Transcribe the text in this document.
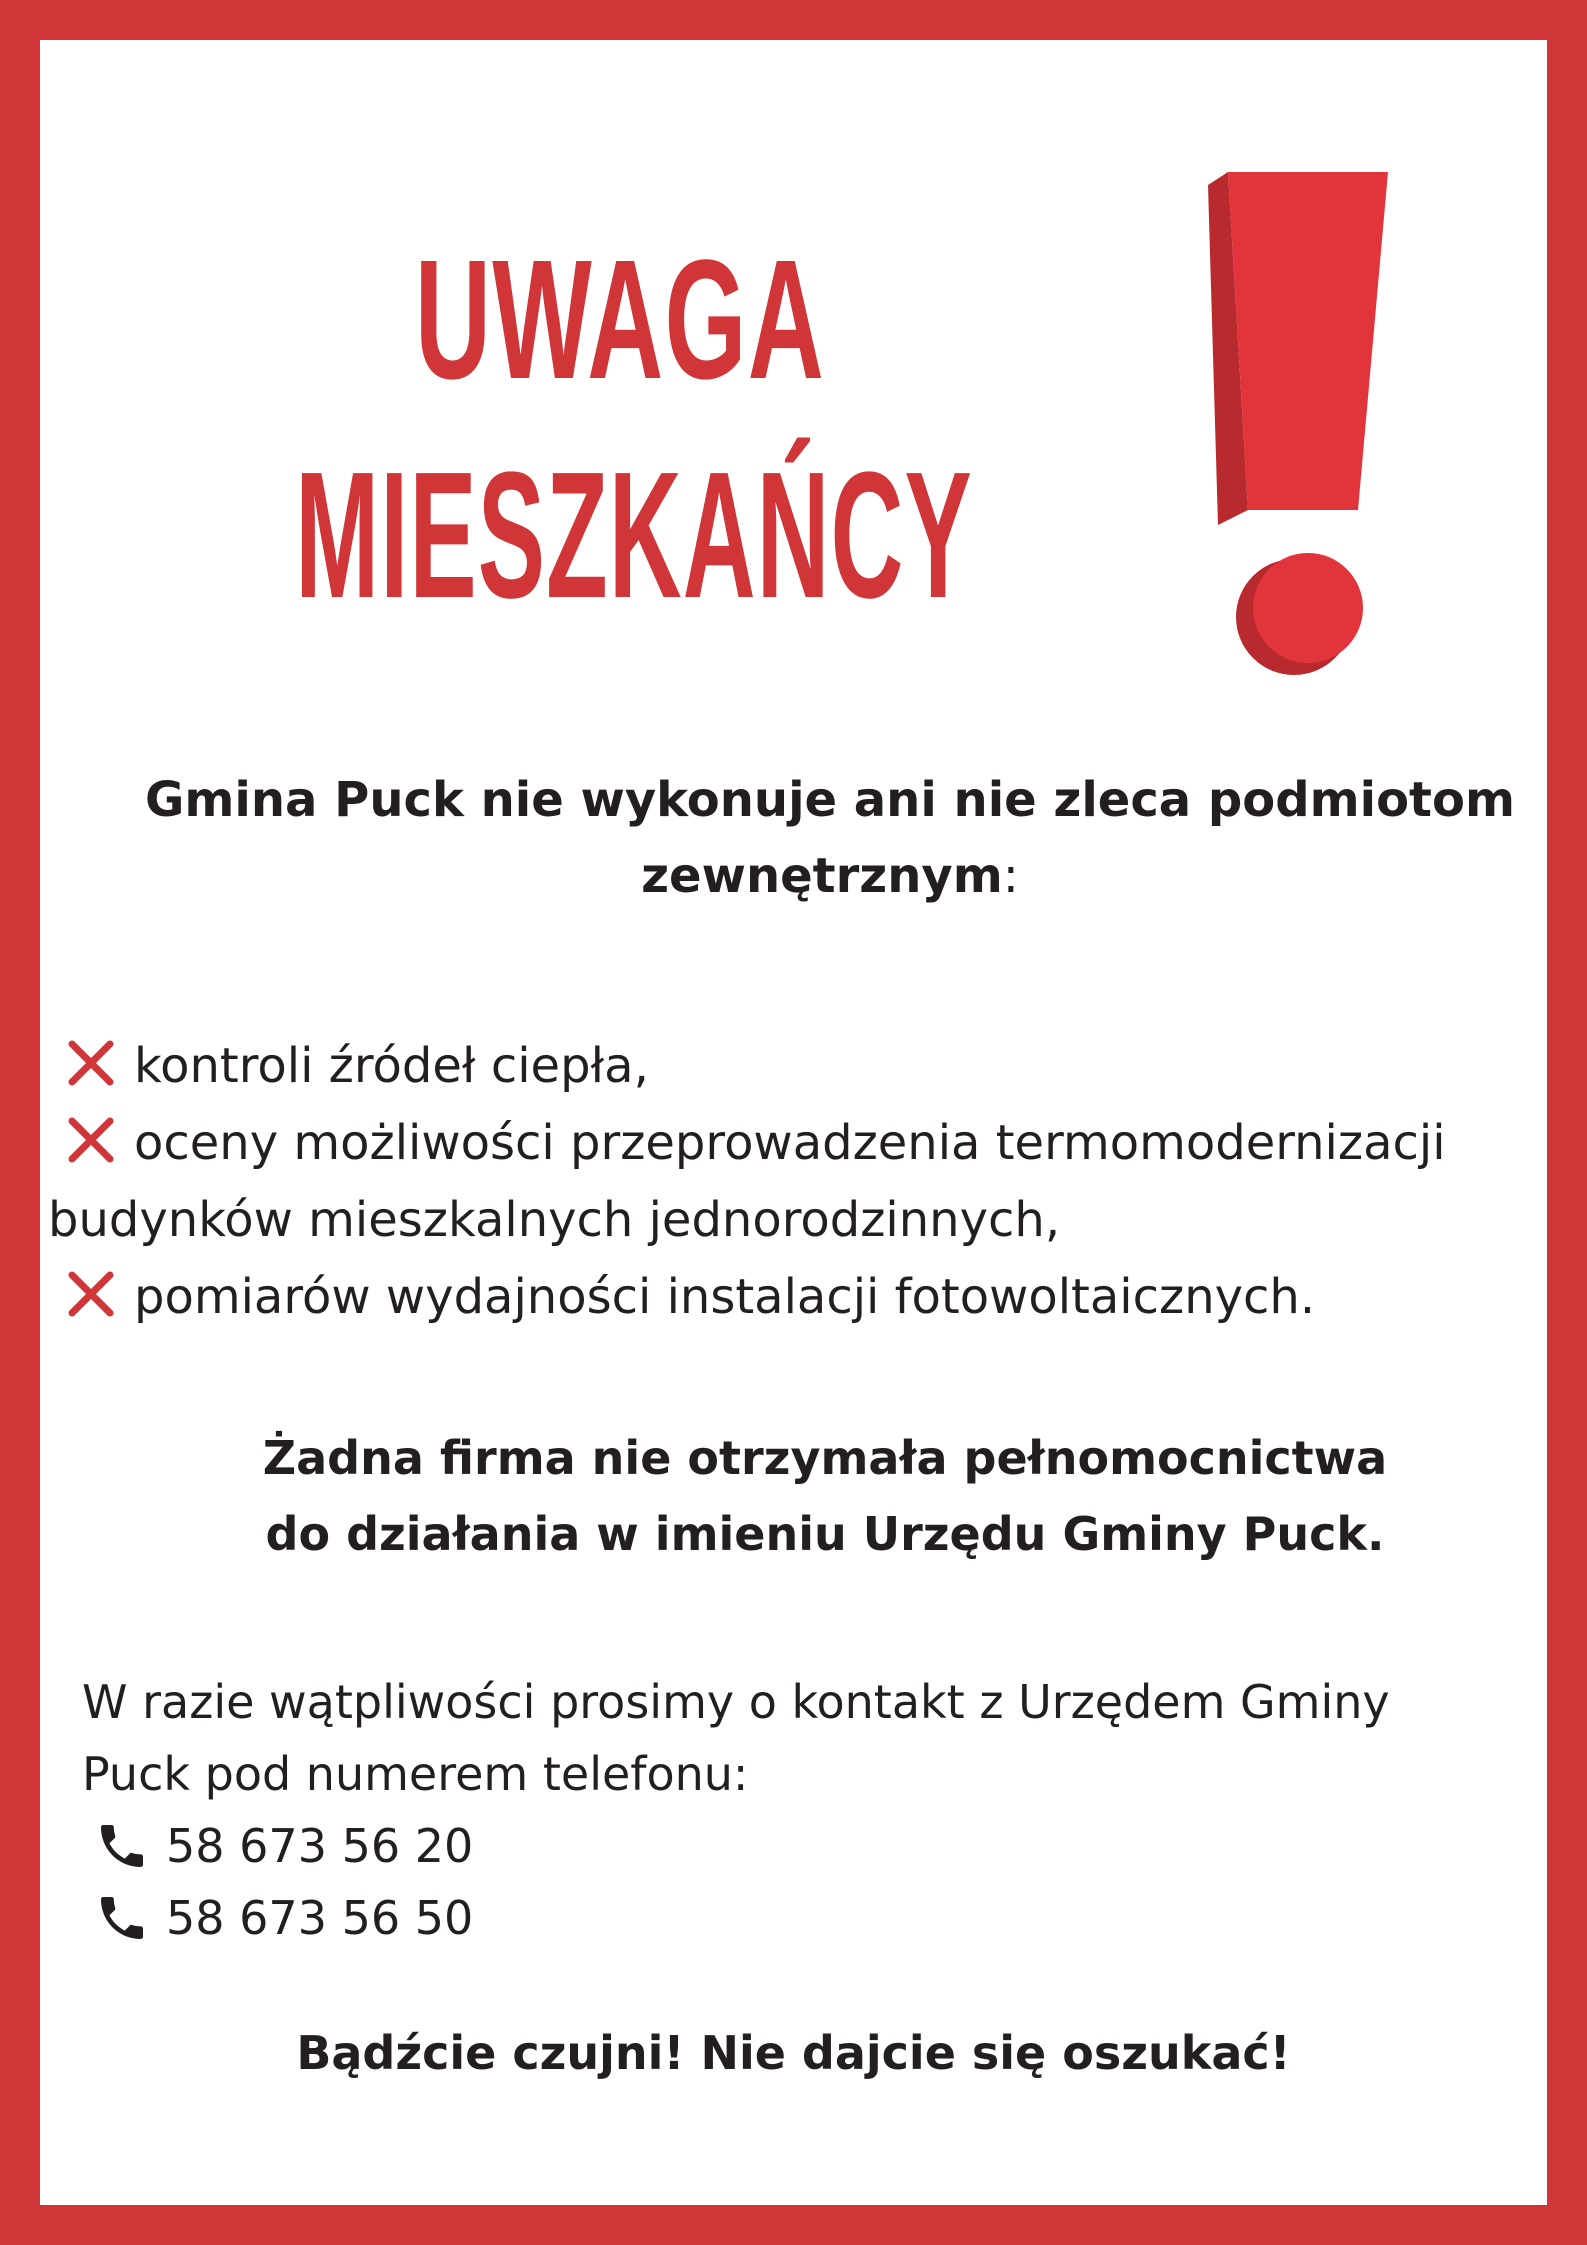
UWAGA
MIESZKAŃCY
Gmina Puck nie wykonuje ani nie zleca podmiotom zewnętrznym:
kontroli źródeł ciepła,
oceny możliwości przeprowadzenia termomodernizacji budynków mieszkalnych jednorodzinnych,
pomiarów wydajności instalacji fotowoltaicznych.
Żadna firma nie otrzymała pełnomocnictwa
do działania w imieniu Urzędu Gminy Puck.
W razie wątpliwości prosimy o kontakt z Urzędem Gminy Puck pod numerem telefonu:
58 673 56 20
58 673 56 50
Bądźcie czujni! Nie dajcie się oszukać!
